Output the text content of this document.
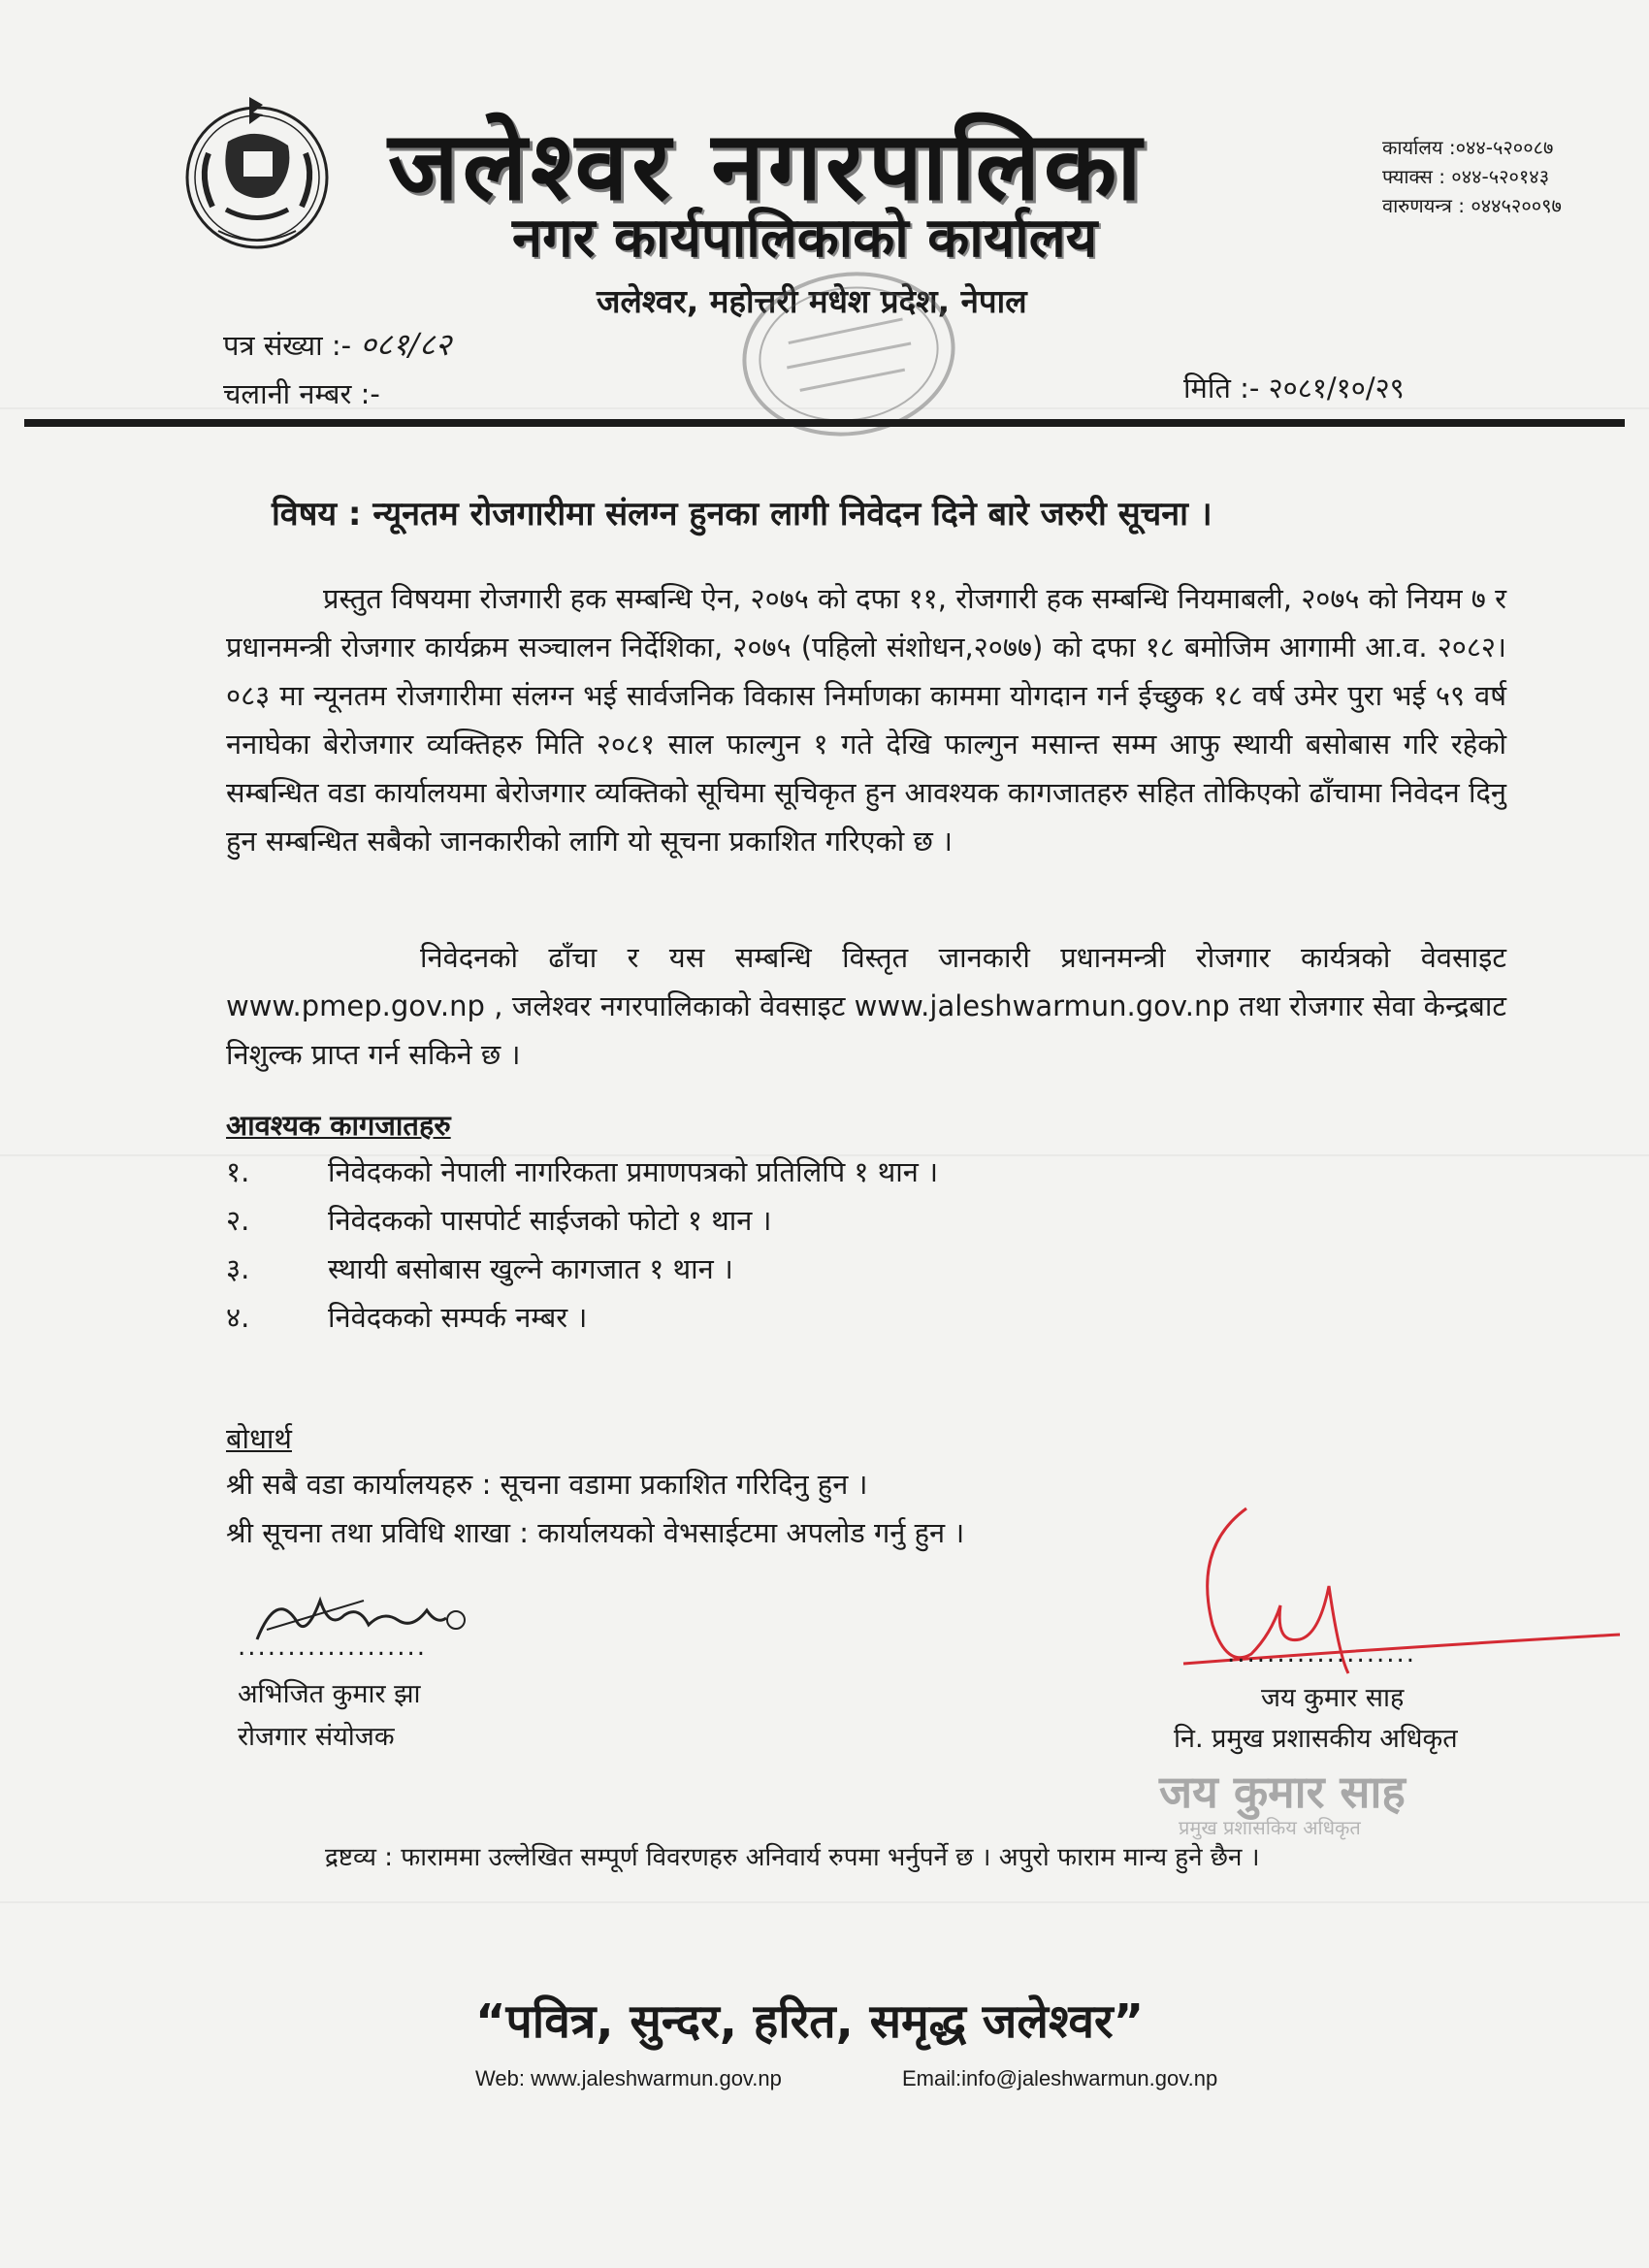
जलेश्वर नगरपालिका
नगर कार्यपालिकाको कार्यालय
जलेश्वर, महोत्तरी मधेश प्रदेश, नेपाल
कार्यालय :०४४-५२००८७
फ्याक्स : ०४४-५२०१४३
वारुणयन्त्र : ०४४५२००९७
पत्र संख्या :- ०८१/८२
चलानी नम्बर :-	मिति :- २०८१/१०/२९
विषय : न्यूनतम रोजगारीमा संलग्न हुनका लागी निवेदन दिने बारे जरुरी सूचना ।
प्रस्तुत विषयमा रोजगारी हक सम्बन्धि ऐन, २०७५ को दफा ११, रोजगारी हक सम्बन्धि नियमाबली, २०७५ को नियम ७ र प्रधानमन्त्री रोजगार कार्यक्रम सञ्चालन निर्देशिका, २०७५ (पहिलो संशोधन,२०७७) को दफा १८ बमोजिम आगामी आ.व. २०८२।०८३ मा न्यूनतम रोजगारीमा संलग्न भई सार्वजनिक विकास निर्माणका काममा योगदान गर्न ईच्छुक १८ वर्ष उमेर पुरा भई ५९ वर्ष ननाघेका बेरोजगार व्यक्तिहरु मिति २०८१ साल फाल्गुन १ गते देखि फाल्गुन मसान्त सम्म आफु स्थायी बसोबास गरि रहेको सम्बन्धित वडा कार्यालयमा बेरोजगार व्यक्तिको सूचिमा सूचिकृत हुन आवश्यक कागजातहरु सहित तोकिएको ढाँचामा निवेदन दिनु हुन सम्बन्धित सबैको जानकारीको लागि यो सूचना प्रकाशित गरिएको छ ।
निवेदनको ढाँचा र यस सम्बन्धि विस्तृत जानकारी प्रधानमन्त्री रोजगार कार्यत्रको वेवसाइट www.pmep.gov.np , जलेश्वर नगरपालिकाको वेवसाइट www.jaleshwarmun.gov.np तथा रोजगार सेवा केन्द्रबाट निशुल्क प्राप्त गर्न सकिने छ ।
आवश्यक कागजातहरु
१.	निवेदकको नेपाली नागरिकता प्रमाणपत्रको प्रतिलिपि १ थान ।
२.	निवेदकको पासपोर्ट साईजको फोटो १ थान ।
३.	स्थायी बसोबास खुल्ने कागजात १ थान ।
४.	निवेदकको सम्पर्क नम्बर ।
बोधार्थ
श्री सबै वडा कार्यालयहरु : सूचना वडामा प्रकाशित गरिदिनु हुन ।
श्री सूचना तथा प्रविधि शाखा : कार्यालयको वेभसाईटमा अपलोड गर्नु हुन ।
...................
अभिजित कुमार झा
रोजगार संयोजक
...................
जय कुमार साह
नि. प्रमुख प्रशासकीय अधिकृत
जय कुमार साह
प्रमुख प्रशासकिय अधिकृत
द्रष्टव्य : फाराममा उल्लेखित सम्पूर्ण विवरणहरु अनिवार्य रुपमा भर्नुपर्ने छ । अपुरो फाराम मान्य हुने छैन ।
“पवित्र, सुन्दर, हरित, समृद्ध जलेश्वर”
Web: www.jaleshwarmun.gov.np	Email:info@jaleshwarmun.gov.np
